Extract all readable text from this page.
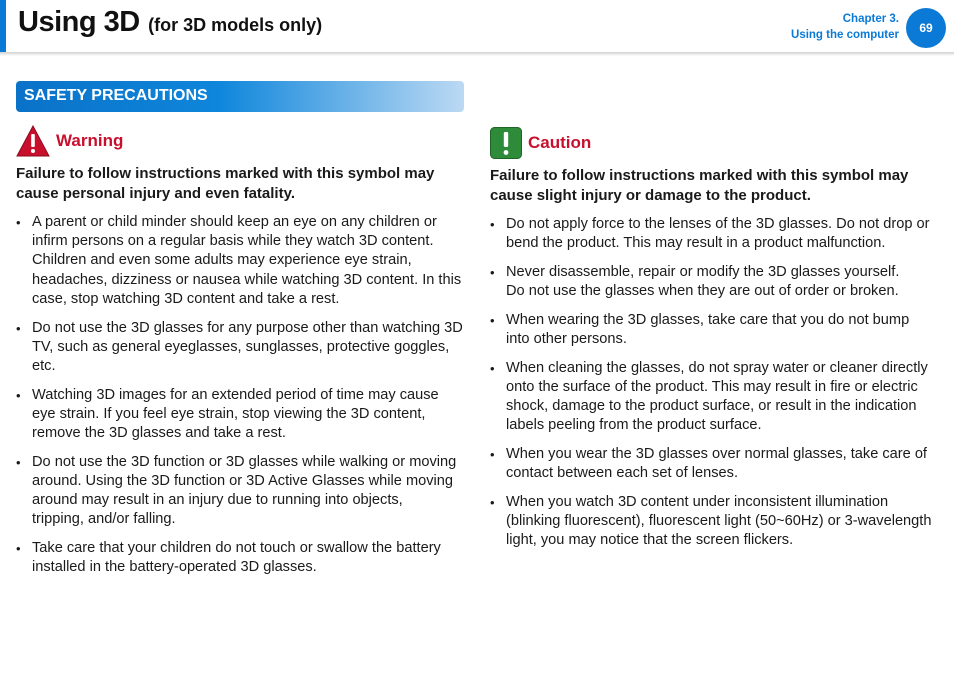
Using 3D (for 3D models only)	Chapter 3.
Using the computer	69
SAFETY PRECAUTIONS
Warning
Failure to follow instructions marked with this symbol may
cause personal injury and even fatality.
• A parent or child minder should keep an eye on any children or
infirm persons on a regular basis while they watch 3D content.
Children and even some adults may experience eye strain,
headaches, dizziness or nausea while watching 3D content. In this
case, stop watching 3D content and take a rest.
• Do not use the 3D glasses for any purpose other than watching 3D
TV, such as general eyeglasses, sunglasses, protective goggles, etc.
• Watching 3D images for an extended period of time may cause
eye strain. If you feel eye strain, stop viewing the 3D content,
remove the 3D glasses and take a rest.
• Do not use the 3D function or 3D glasses while walking or moving
around. Using the 3D function or 3D Active Glasses while moving
around may result in an injury due to running into objects,
tripping, and/or falling.
• Take care that your children do not touch or swallow the battery
installed in the battery-operated 3D glasses.
Caution
Failure to follow instructions marked with this symbol may
cause slight injury or damage to the product.
• Do not apply force to the lenses of the 3D glasses. Do not drop or
bend the product. This may result in a product malfunction.
• Never disassemble, repair or modify the 3D glasses yourself.
Do not use the glasses when they are out of order or broken.
• When wearing the 3D glasses, take care that you do not bump
into other persons.
• When cleaning the glasses, do not spray water or cleaner directly
onto the surface of the product. This may result in fire or electric
shock, damage to the product surface, or result in the indication
labels peeling from the product surface.
• When you wear the 3D glasses over normal glasses, take care of
contact between each set of lenses.
• When you watch 3D content under inconsistent illumination
(blinking fluorescent), fluorescent light (50~60Hz) or 3-wavelength
light, you may notice that the screen flickers.
